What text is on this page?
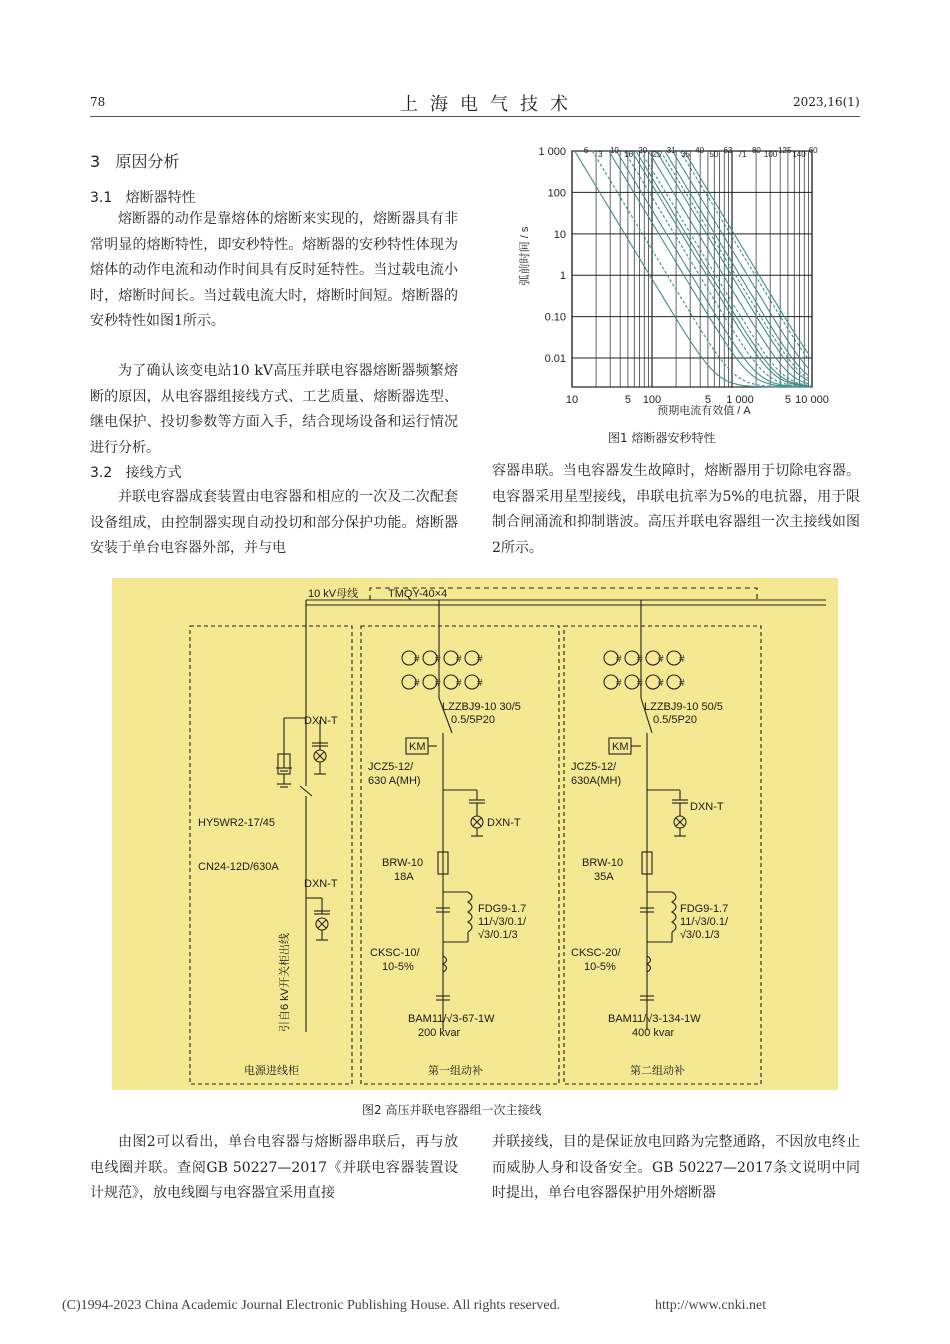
78	上海电气技术	2023,16(1)
3 原因分析
3.1 熔断器特性
熔断器的动作是靠熔体的熔断来实现的，熔断器具有非常明显的熔断特性，即安秒特性。熔断器的安秒特性体现为熔体的动作电流和动作时间具有反时延特性。当过载电流小时，熔断时间长。当过载电流大时，熔断时间短。熔断器的安秒特性如图1所示。
为了确认该变电站10 kV高压并联电容器熔断器频繁熔断的原因，从电容器组接线方式、工艺质量、熔断器选型、继电保护、投切参数等方面入手，结合现场设备和运行情况进行分析。
3.2 接线方式
并联电容器成套装置由电容器和相应的一次及二次配套设备组成，由控制器实现自动投切和部分保护功能。熔断器安装于单台电容器外部，并与电
容器串联。当电容器发生故障时，熔断器用于切除电容器。电容器采用星型接线，串联电抗率为5%的电抗器，用于限制合闸涌流和抑制谐波。高压并联电容器组一次主接线如图2所示。
1 000
100
10
1
0.10
0.01
10	5 100	5 1 000	5 10 000
6 3 10 16 20 25 31 35 40 50 63 71 80 100 125 140 60
弧前时间 / s
预期电流有效值 / A
图1 熔断器安秒特性
# # # #
# # # #
# # # #
# # # #
10 kV母线	TMQY-40×4
DXN-T
HY5WR2-17/45
CN24-12D/630A
DXN-T
引自6 kV开关柜出线
电源进线柜
LZZBJ9-10 30/5
0.5/5P20
KM
JCZ5-12/
630 A(MH)
DXN-T
BRW-10
18A
FDG9-1.7
11/√3/0.1/
√3/0.1/3
CKSC-10/
10-5%
BAM11/√3-67-1W
200 kvar
第一组动补
LZZBJ9-10 50/5
0.5/5P20
KM
JCZ5-12/
630A(MH)
DXN-T
BRW-10
35A
FDG9-1.7
11/√3/0.1/
√3/0.1/3
CKSC-20/
10-5%
BAM11/√3-134-1W
400 kvar
第二组动补
图2 高压并联电容器组一次主接线
由图2可以看出，单台电容器与熔断器串联后，再与放电线圈并联。查阅GB 50227—2017《并联电容器装置设计规范》，放电线圈与电容器宜采用直接
并联接线，目的是保证放电回路为完整通路，不因放电终止而威胁人身和设备安全。GB 50227—2017条文说明中同时提出，单台电容器保护用外熔断器
(C)1994-2023 China Academic Journal Electronic Publishing House. All rights reserved.	http://www.cnki.net
